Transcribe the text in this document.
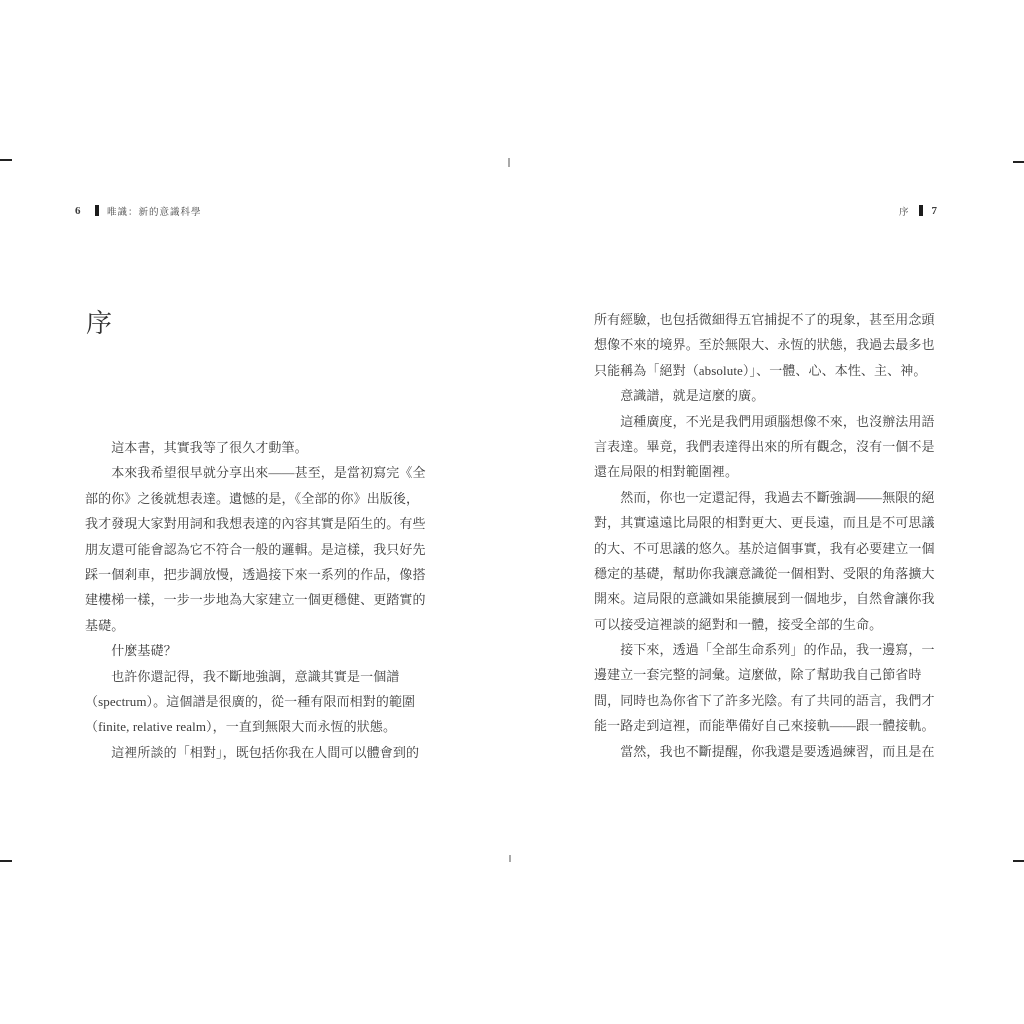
6	唯識：新的意識科學	序 7
序
　　這本書，其實我等了很久才動筆。
　　本來我希望很早就分享出來——甚至，是當初寫完《全
部的你》之後就想表達。遺憾的是，《全部的你》出版後，
我才發現大家對用詞和我想表達的內容其實是陌生的。有些
朋友還可能會認為它不符合一般的邏輯。是這樣，我只好先
踩一個剎車，把步調放慢，透過接下來一系列的作品，像搭
建樓梯一樣，一步一步地為大家建立一個更穩健、更踏實的
基礎。
　　什麼基礎？
　　也許你還記得，我不斷地強調，意識其實是一個譜
（spectrum）。這個譜是很廣的，從一種有限而相對的範圍
（finite, relative realm），一直到無限大而永恆的狀態。
　　這裡所談的「相對」，既包括你我在人間可以體會到的
所有經驗，也包括微細得五官捕捉不了的現象，甚至用念頭
想像不來的境界。至於無限大、永恆的狀態，我過去最多也
只能稱為「絕對（absolute）」、一體、心、本性、主、神。
　　意識譜，就是這麼的廣。
　　這種廣度，不光是我們用頭腦想像不來，也沒辦法用語
言表達。畢竟，我們表達得出來的所有觀念，沒有一個不是
還在局限的相對範圍裡。
　　然而，你也一定還記得，我過去不斷強調——無限的絕
對，其實遠遠比局限的相對更大、更長遠，而且是不可思議
的大、不可思議的悠久。基於這個事實，我有必要建立一個
穩定的基礎，幫助你我讓意識從一個相對、受限的角落擴大
開來。這局限的意識如果能擴展到一個地步，自然會讓你我
可以接受這裡談的絕對和一體，接受全部的生命。
　　接下來，透過「全部生命系列」的作品，我一邊寫，一
邊建立一套完整的詞彙。這麼做，除了幫助我自己節省時
間，同時也為你省下了許多光陰。有了共同的語言，我們才
能一路走到這裡，而能準備好自己來接軌——跟一體接軌。
　　當然，我也不斷提醒，你我還是要透過練習，而且是在
